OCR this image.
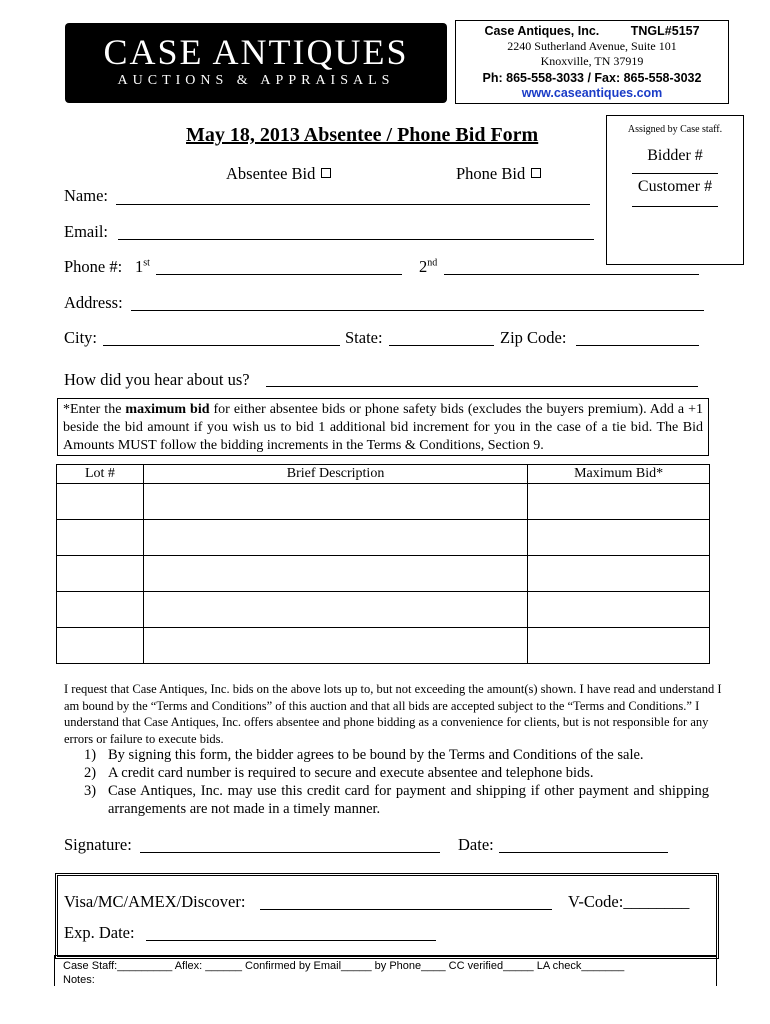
CASE ANTIQUES
AUCTIONS & APPRAISALS
Case Antiques, Inc.	TNGL#5157
2240 Sutherland Avenue, Suite 101
Knoxville, TN 37919
Ph: 865-558-3033 / Fax: 865-558-3032
www.caseantiques.com
May 18, 2013 Absentee / Phone Bid Form	Assigned by Case staff.
Bidder #
Customer #
Absentee Bid	Phone Bid
Name:
Email:
Phone #: 1st	2nd
Address:
City:	State:	Zip Code:
How did you hear about us?
*Enter the maximum bid for either absentee bids or phone safety bids (excludes the buyers premium). Add a +1 beside the bid amount if you wish us to bid 1 additional bid increment for you in the case of a tie bid. The Bid Amounts MUST follow the bidding increments in the Terms & Conditions, Section 9.
Lot #	Brief Description	Maximum Bid*

I request that Case Antiques, Inc. bids on the above lots up to, but not exceeding the amount(s) shown. I have read and understand I am bound by the “Terms and Conditions” of this auction and that all bids are accepted subject to the “Terms and Conditions.” I understand that Case Antiques, Inc. offers absentee and phone bidding as a convenience for clients, but is not responsible for any errors or failure to execute bids.
1) By signing this form, the bidder agrees to be bound by the Terms and Conditions of the sale.
2) A credit card number is required to secure and execute absentee and telephone bids.
3) Case Antiques, Inc. may use this credit card for payment and shipping if other payment and shipping arrangements are not made in a timely manner.
Signature:	Date:
Visa/MC/AMEX/Discover:	V-Code:________
Exp. Date:
Case Staff:_________ Aflex: ______ Confirmed by Email_____ by Phone____ CC verified_____ LA check_______
Notes:
